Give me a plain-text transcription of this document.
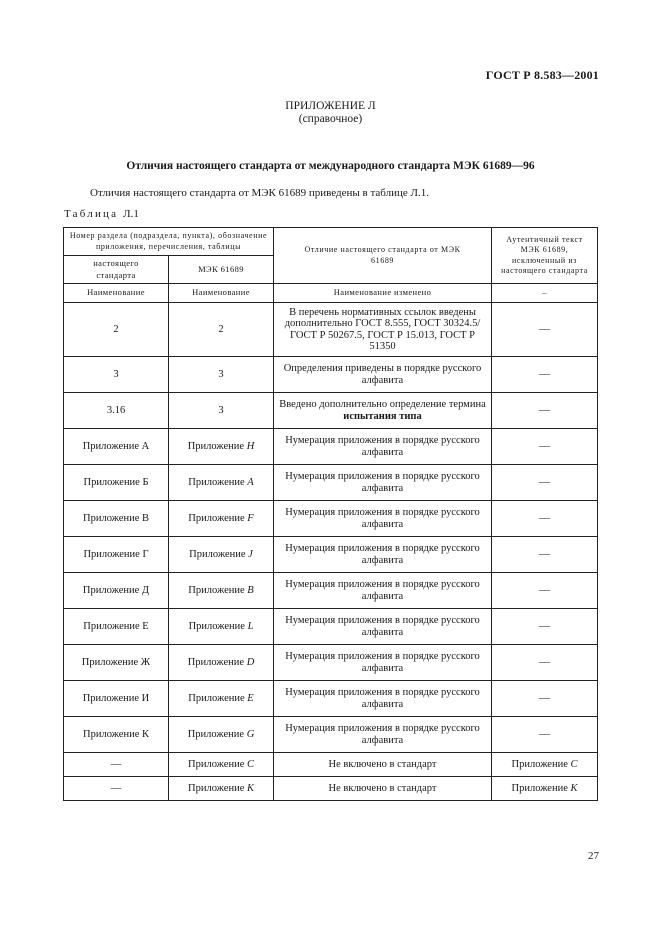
ГОСТ Р 8.583—2001
ПРИЛОЖЕНИЕ Л
(справочное)
Отличия настоящего стандарта от международного стандарта МЭК 61689—96
Отличия настоящего стандарта от МЭК 61689 приведены в таблице Л.1.
Таблица Л.1
Номер раздела (подраздела, пункта), обозначение приложения, перечисления, таблицы		Отличие настоящего стандарта от МЭК 61689	Аутентичный текст МЭК 61689, исключенный из настоящего стандарта
настоящего стандарта	МЭК 61689		
Наименование	Наименование	Наименование изменено	–
2	2	В перечень нормативных ссылок введены дополнительно ГОСТ 8.555, ГОСТ 30324.5/ГОСТ Р 50267.5, ГОСТ Р 15.013, ГОСТ Р 51350	—
3	3	Определения приведены в порядке русского алфавита	—
3.16	3	Введено дополнительно определение термина испытания типа	—
Приложение А	Приложение H	Нумерация приложения в порядке русского алфавита	—
Приложение Б	Приложение A	Нумерация приложения в порядке русского алфавита	—
Приложение В	Приложение F	Нумерация приложения в порядке русского алфавита	—
Приложение Г	Приложение J	Нумерация приложения в порядке русского алфавита	—
Приложение Д	Приложение B	Нумерация приложения в порядке русского алфавита	—
Приложение Е	Приложение L	Нумерация приложения в порядке русского алфавита	—
Приложение Ж	Приложение D	Нумерация приложения в порядке русского алфавита	—
Приложение И	Приложение E	Нумерация приложения в порядке русского алфавита	—
Приложение К	Приложение G	Нумерация приложения в порядке русского алфавита	—
—	Приложение C	Не включено в стандарт	Приложение C
—	Приложение K	Не включено в стандарт	Приложение K
27
